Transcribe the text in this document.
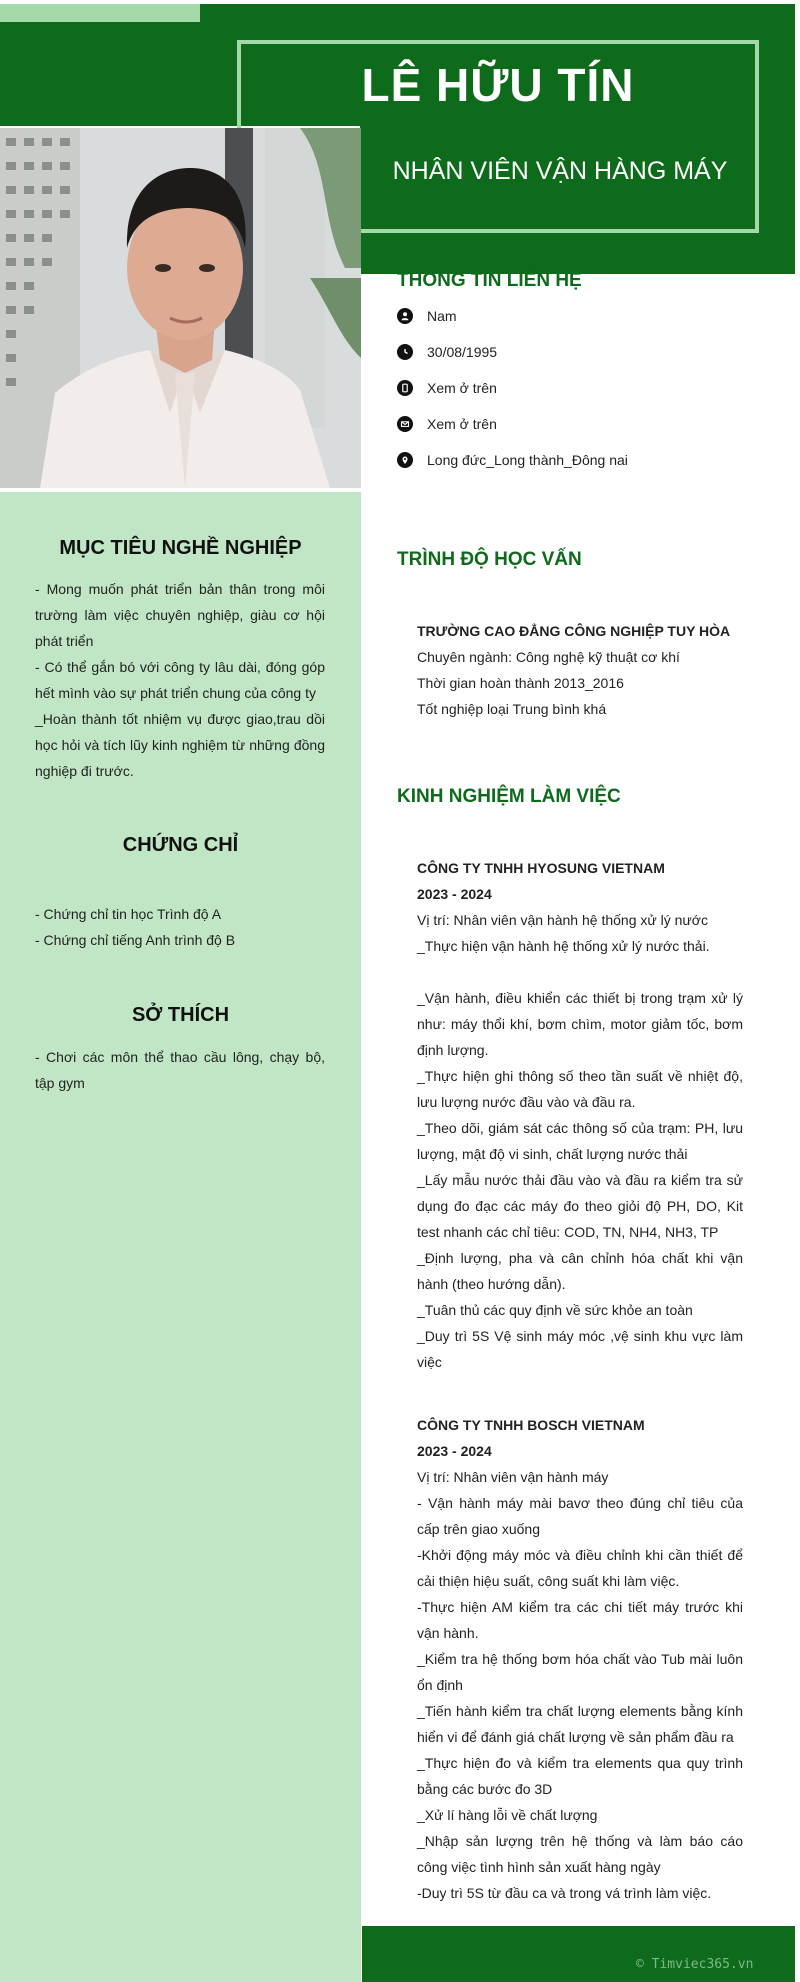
LÊ HỮU TÍN
NHÂN VIÊN VẬN HÀNG MÁY
MỤC TIÊU NGHỀ NGHIỆP

- Mong muốn phát triển bản thân trong môi trường làm việc chuyên nghiệp, giàu cơ hội phát triển

- Có thể gắn bó với công ty lâu dài, đóng góp hết mình vào sự phát triển chung của công ty

_Hoàn thành tốt nhiệm vụ được giao,trau dồi học hỏi và tích lũy kinh nghiệm từ những đồng nghiệp đi trước.

CHỨNG CHỈ

- Chứng chỉ tin học Trình độ A

- Chứng chỉ tiếng Anh trình độ B

SỞ THÍCH

- Chơi các môn thể thao cầu lông, chạy bộ, tập gym

THÔNG TIN LIÊN HỆ
Nam
30/08/1995
Xem ở trên
Xem ở trên
Long đức_Long thành_Đông nai
TRÌNH ĐỘ HỌC VẤN

TRƯỜNG CAO ĐẲNG CÔNG NGHIỆP TUY HÒA

Chuyên ngành: Công nghệ kỹ thuật cơ khí

Thời gian hoàn thành 2013_2016

Tốt nghiệp loại Trung bình khá

KINH NGHIỆM LÀM VIỆC

CÔNG TY TNHH HYOSUNG VIETNAM

2023 - 2024

Vị trí: Nhân viên vận hành hệ thống xử lý nước

_Thực hiện vận hành hệ thống xử lý nước thải.

_Vận hành, điều khiển các thiết bị trong trạm xử lý như: máy thổi khí, bơm chìm, motor giảm tốc, bơm định lượng.

_Thực hiện ghi thông số theo tần suất về nhiệt độ, lưu lượng nước đầu vào và đầu ra.

_Theo dõi, giám sát các thông số của trạm: PH, lưu lượng, mật độ vi sinh, chất lượng nước thải

_Lấy mẫu nước thải đầu vào và đầu ra kiểm tra sử dụng đo đạc các máy đo theo giỏi độ PH, DO, Kit test nhanh các chỉ tiêu: COD, TN, NH4, NH3, TP

_Định lượng, pha và cân chỉnh hóa chất khi vận hành (theo hướng dẫn).

_Tuân thủ các quy định về sức khỏe an toàn

_Duy trì 5S Vệ sinh máy móc ,vệ sinh khu vực làm việc

CÔNG TY TNHH BOSCH VIETNAM

2023 - 2024

Vị trí: Nhân viên vận hành máy

- Vận hành máy mài bavơ theo đúng chỉ tiêu của cấp trên giao xuống

-Khởi động máy móc và điều chỉnh khi cần thiết để cải thiện hiệu suất, công suất khi làm việc.

-Thực hiện AM kiểm tra các chi tiết máy trước khi vận hành.

_Kiểm tra hệ thống bơm hóa chất vào Tub mài luôn ổn định

_Tiến hành kiểm tra chất lượng elements bằng kính hiển vi để đánh giá chất lượng về sản phẩm đầu ra

_Thực hiện đo và kiểm tra elements qua quy trình bằng các bước đo 3D

_Xử lí hàng lỗi về chất lượng

_Nhập sản lượng trên hệ thống và làm báo cáo công việc tình hình sản xuất hàng ngày

-Duy trì 5S từ đầu ca và trong vá trình làm việc.

© Timviec365.vn
